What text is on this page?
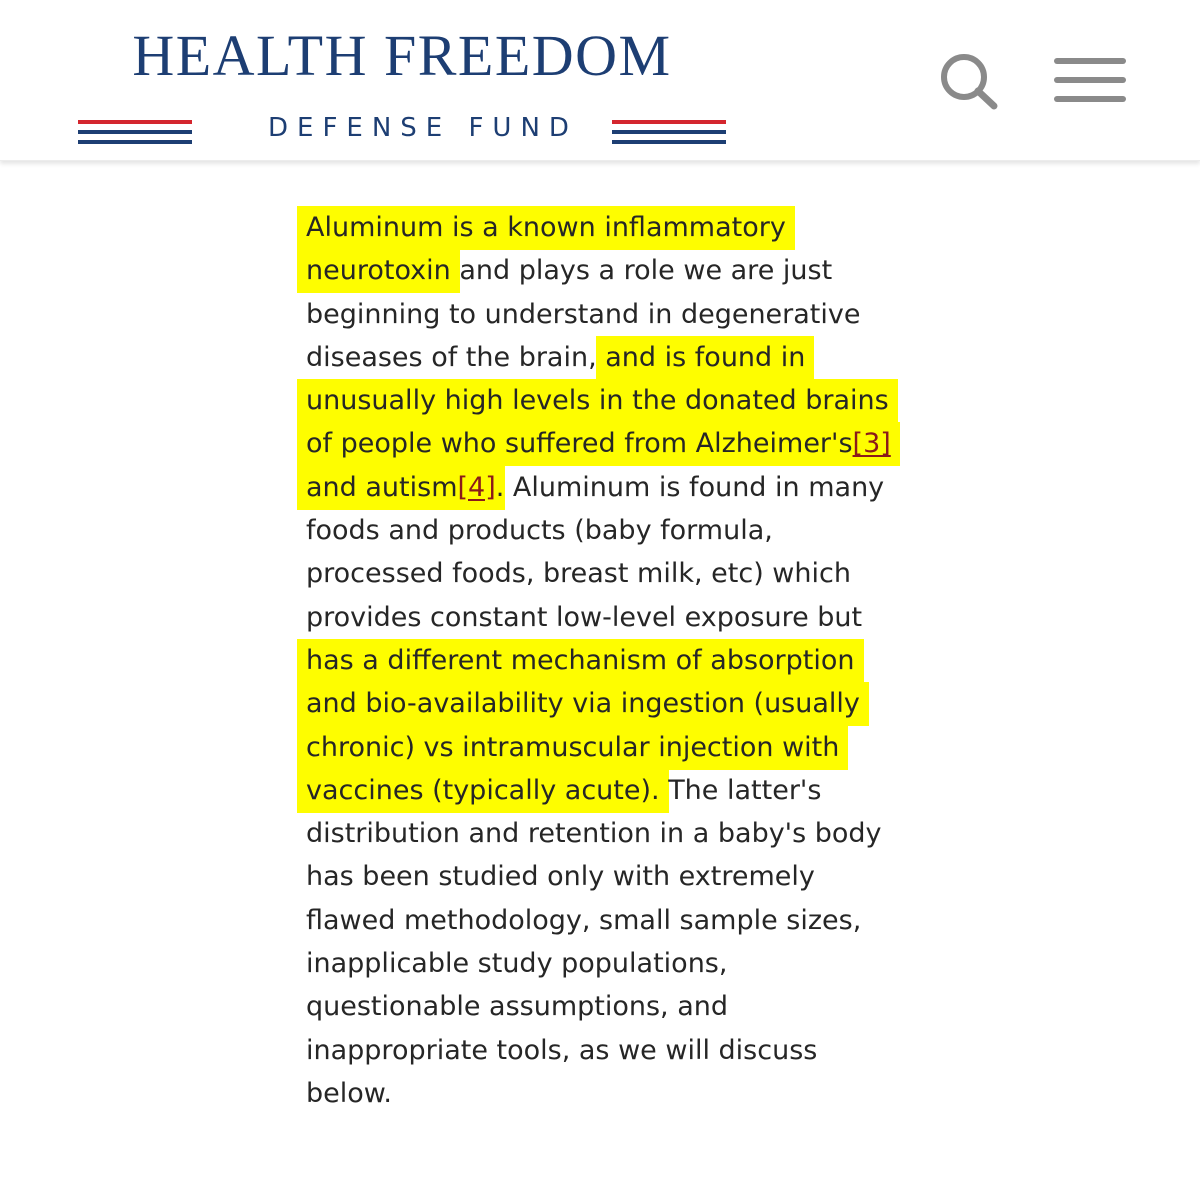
HEALTH FREEDOM
DEFENSE FUND

Aluminum is a known inflammatory neurotoxin and plays a role we are just beginning to understand in degenerative diseases of the brain, and is found in unusually high levels in the donated brains of people who suffered from Alzheimer's[3] and autism[4]. Aluminum is found in many foods and products (baby formula, processed foods, breast milk, etc) which provides constant low-level exposure but has a different mechanism of absorption and bio-availability via ingestion (usually chronic) vs intramuscular injection with vaccines (typically acute). The latter's distribution and retention in a baby's body has been studied only with extremely flawed methodology, small sample sizes, inapplicable study populations, questionable assumptions, and inappropriate tools, as we will discuss below.
